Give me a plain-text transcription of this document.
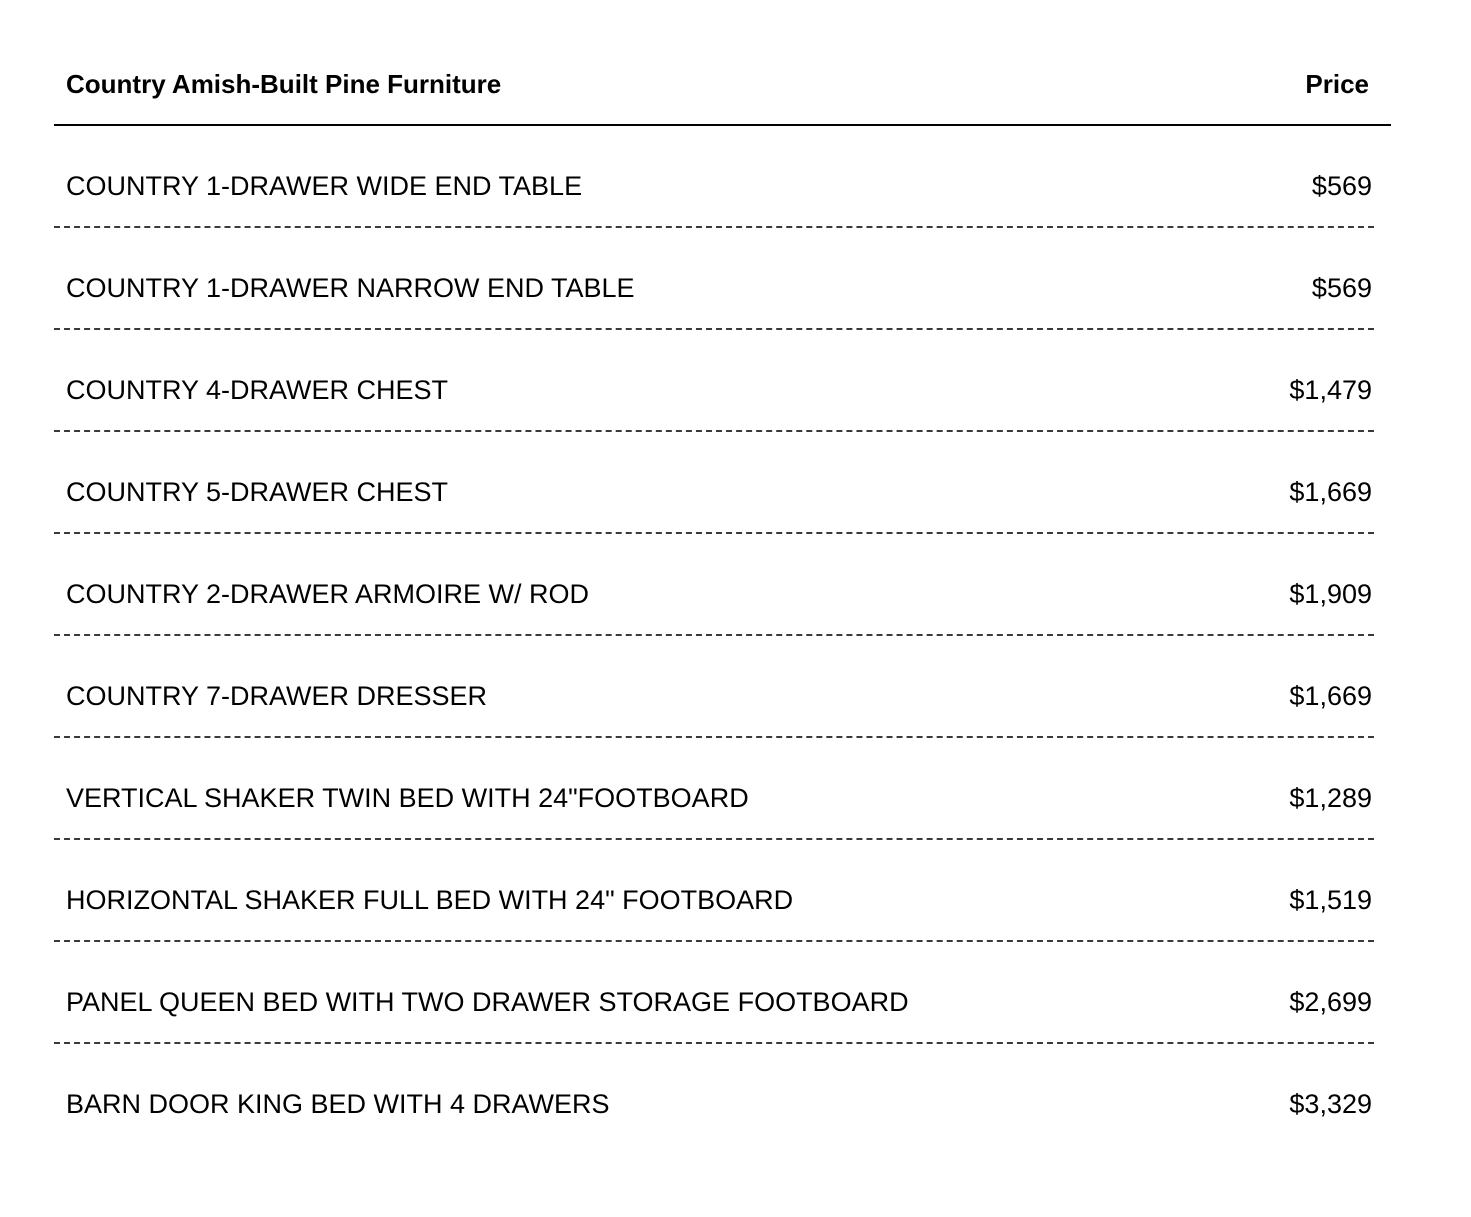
Country Amish-Built Pine Furniture	Price
COUNTRY 1-DRAWER WIDE END TABLE	$569
COUNTRY 1-DRAWER NARROW END TABLE	$569
COUNTRY 4-DRAWER CHEST	$1,479
COUNTRY 5-DRAWER CHEST	$1,669
COUNTRY 2-DRAWER ARMOIRE W/ ROD	$1,909
COUNTRY 7-DRAWER DRESSER	$1,669
VERTICAL SHAKER TWIN BED WITH 24"FOOTBOARD	$1,289
HORIZONTAL SHAKER FULL BED WITH 24" FOOTBOARD	$1,519
PANEL QUEEN BED WITH TWO DRAWER STORAGE FOOTBOARD	$2,699
BARN DOOR KING BED WITH 4 DRAWERS	$3,329
